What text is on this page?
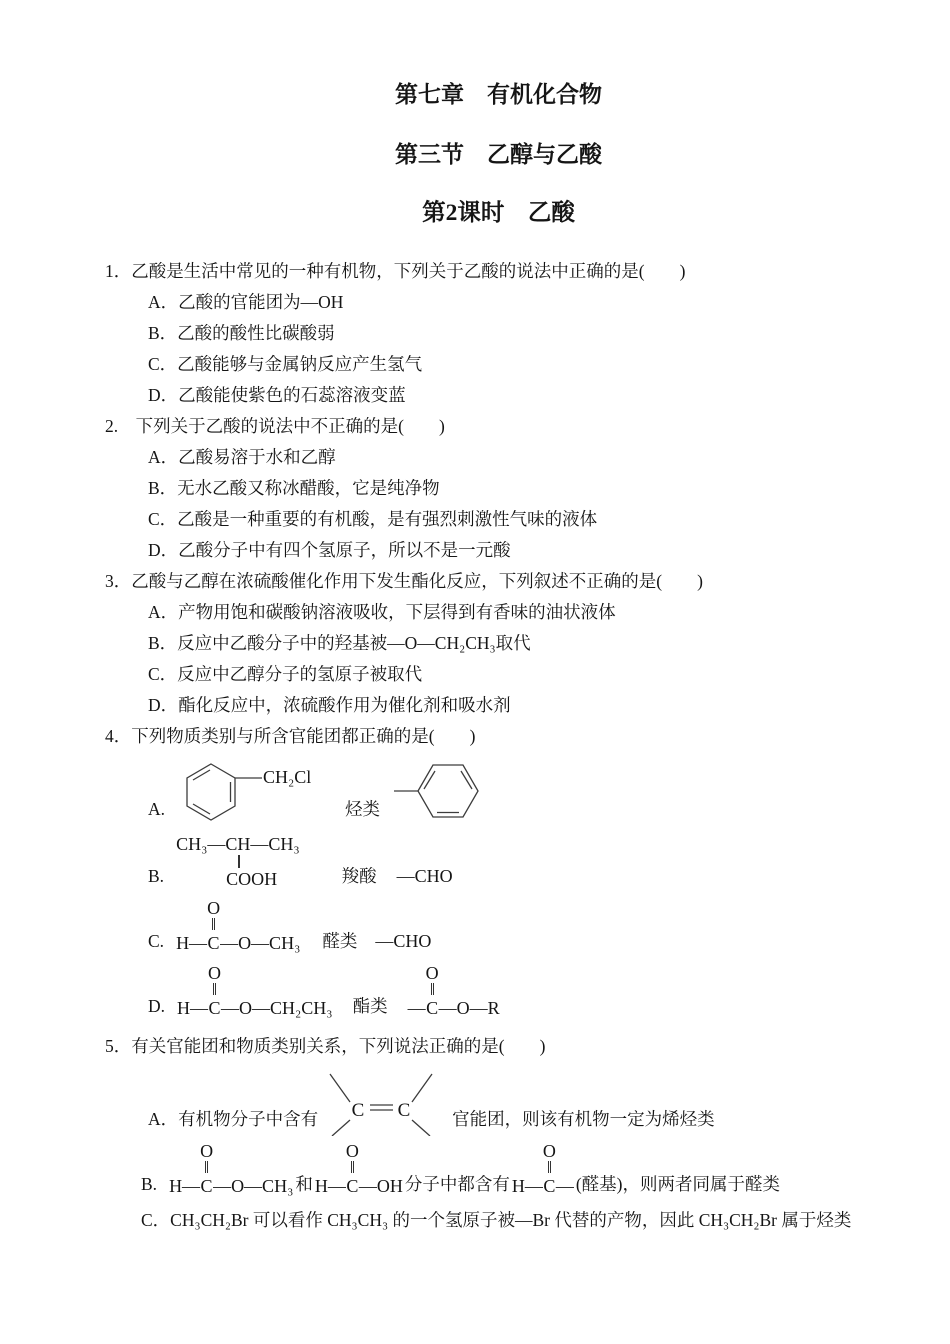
第七章　有机化合物
第三节　乙醇与乙酸
第2课时　乙酸

1．乙酸是生活中常见的一种有机物，下列关于乙酸的说法中正确的是(　　)

A．乙酸的官能团为—OH

B．乙酸的酸性比碳酸弱

C．乙酸能够与金属钠反应产生氢气

D．乙酸能使紫色的石蕊溶液变蓝

2.　下列关于乙酸的说法中不正确的是(　　)

A．乙酸易溶于水和乙醇

B．无水乙酸又称冰醋酸，它是纯净物

C．乙酸是一种重要的有机酸，是有强烈刺激性气味的液体

D．乙酸分子中有四个氢原子，所以不是一元酸

3．乙酸与乙醇在浓硫酸催化作用下发生酯化反应，下列叙述不正确的是(　　)

A．产物用饱和碳酸钠溶液吸收，下层得到有香味的油状液体

B．反应中乙酸分子中的羟基被—O—CH₂CH₃取代

C．反应中乙醇分子的氢原子被取代

D．酯化反应中，浓硫酸作用为催化剂和吸水剂

4．下列物质类别与所含官能团都正确的是(　　)

A.
CH₂Cl
烃类
B.
CH₃—CH—CH₃
COOH	羧酸 —CHO
C. H—
O
C —O—CH₃ 醛类 —CHO
D. H—
O
C —O—CH₂CH₃ 酯类 —
O
C —O—R

5．有关官能团和物质类别关系，下列说法正确的是(　　)

A． 有机物分子中含有 C C 官能团，则该有机物一定为烯烃类
B. H—
O
C —O—CH₃ 和 H—
O
C —OH 分子中都含有 H—
O
C — (醛基)，则两者同属于醛类

C．CH₃CH₂Br 可以看作 CH₃CH₃ 的一个氢原子被—Br 代替的产物，因此 CH₃CH₂Br 属于烃类
